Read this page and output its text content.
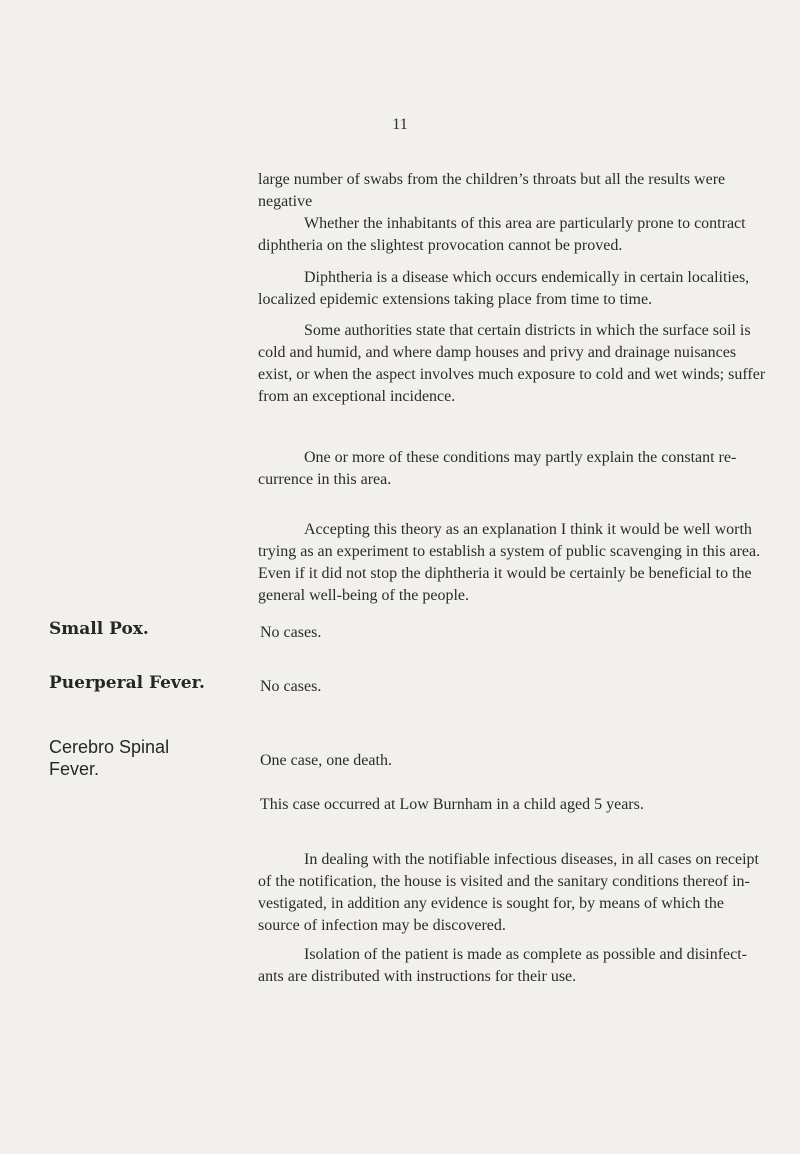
11

large number of swabs from the children’s throats but all the results were negative

Whether the inhabitants of this area are particularly prone to contract diphtheria on the slightest provocation cannot be proved.

Diphtheria is a disease which occurs endemically in certain localities, localized epidemic extensions taking place from time to time.

Some authorities state that certain districts in which the surface soil is cold and humid, and where damp houses and privy and drainage nuisances exist, or when the aspect involves much exposure to cold and wet winds; suffer from an exceptional incidence.

One or more of these conditions may partly explain the constant re-currence in this area.

Accepting this theory as an explanation I think it would be well worth trying as an experiment to establish a system of public scavenging in this area. Even if it did not stop the diphtheria it would be certainly be beneficial to the general well-being of the people.

Small Pox.	No cases.

Puerperal Fever.	No cases.

Cerebro Spinal
Fever.	One case, one death.

This case occurred at Low Burnham in a child aged 5 years.

In dealing with the notifiable infectious diseases, in all cases on receipt of the notification, the house is visited and the sanitary conditions thereof in-vestigated, in addition any evidence is sought for, by means of which the source of infection may be discovered.

Isolation of the patient is made as complete as possible and disinfect-ants are distributed with instructions for their use.
